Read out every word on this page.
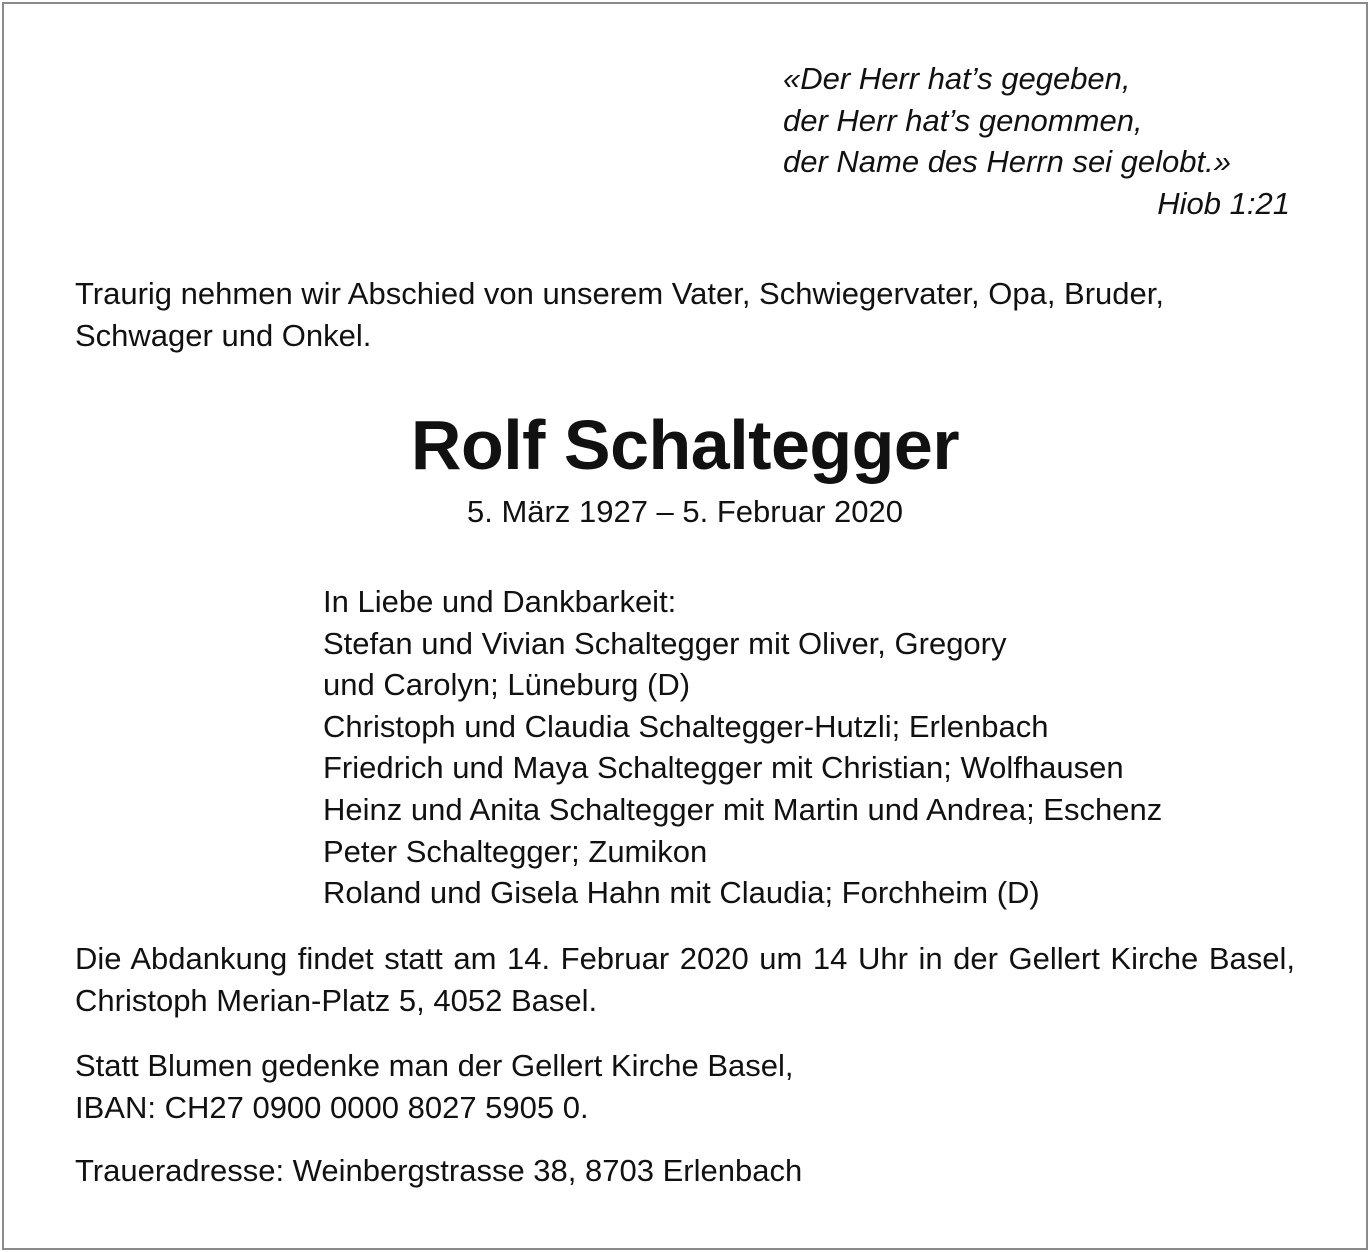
«Der Herr hat’s gegeben,
der Herr hat’s genommen,
der Name des Herrn sei gelobt.»
Hiob 1:21
Traurig nehmen wir Abschied von unserem Vater, Schwiegervater, Opa, Bruder, Schwager und Onkel.
Rolf Schaltegger
5. März 1927 – 5. Februar 2020
In Liebe und Dankbarkeit:
Stefan und Vivian Schaltegger mit Oliver, Gregory
und Carolyn; Lüneburg (D)
Christoph und Claudia Schaltegger-Hutzli; Erlenbach
Friedrich und Maya Schaltegger mit Christian; Wolfhausen
Heinz und Anita Schaltegger mit Martin und Andrea; Eschenz
Peter Schaltegger; Zumikon
Roland und Gisela Hahn mit Claudia; Forchheim (D)
Die Abdankung findet statt am 14. Februar 2020 um 14 Uhr in der Gellert Kirche Basel, Christoph Merian-Platz 5, 4052 Basel.
Statt Blumen gedenke man der Gellert Kirche Basel,
IBAN: CH27 0900 0000 8027 5905 0.
Traueradresse: Weinbergstrasse 38, 8703 Erlenbach
